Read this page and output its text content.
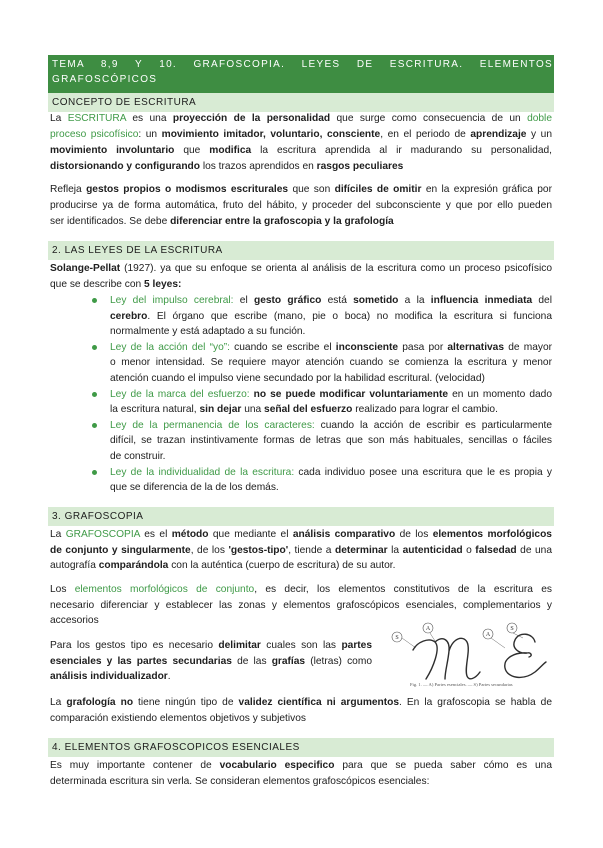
TEMA 8,9 Y 10. GRAFOSCOPIA. LEYES DE ESCRITURA. ELEMENTOS
GRAFOSCÓPICOS
CONCEPTO DE ESCRITURA
La ESCRITURA es una proyección de la personalidad que surge como consecuencia de un doble
proceso psicofísico: un movimiento imitador, voluntario, consciente, en el periodo de aprendizaje y un
movimiento involuntario que modifica la escritura aprendida al ir madurando su personalidad,
distorsionando y configurando los trazos aprendidos en rasgos peculiares
Refleja gestos propios o modismos escriturales que son difíciles de omitir en la expresión gráfica por
producirse ya de forma automática, fruto del hábito, y proceder del subconsciente y que por ello pueden
ser identificados. Se debe diferenciar entre la grafoscopia y la grafología
2. LAS LEYES DE LA ESCRITURA
Solange-Pellat (1927). ya que su enfoque se orienta al análisis de la escritura como un proceso psicofísico
que se describe con 5 leyes:
Ley del impulso cerebral: el gesto gráfico está sometido a la influencia inmediata del
cerebro. El órgano que escribe (mano, pie o boca) no modifica la escritura si funciona
normalmente y está adaptado a su función.
Ley de la acción del “yo”: cuando se escribe el inconsciente pasa por alternativas de mayor
o menor intensidad. Se requiere mayor atención cuando se comienza la escritura y menor
atención cuando el impulso viene secundado por la habilidad escritural. (velocidad)
Ley de la marca del esfuerzo: no se puede modificar voluntariamente en un momento dado
la escritura natural, sin dejar una señal del esfuerzo realizado para lograr el cambio.
Ley de la permanencia de los caracteres: cuando la acción de escribir es particularmente
difícil, se trazan instintivamente formas de letras que son más habituales, sencillas o fáciles
de construir.
Ley de la individualidad de la escritura: cada individuo posee una escritura que le es propia y
que se diferencia de la de los demás.
3. GRAFOSCOPIA
La GRAFOSCOPIA es el método que mediante el análisis comparativo de los elementos morfológicos
de conjunto y singularmente, de los 'gestos-tipo', tiende a determinar la autenticidad o falsedad de una
autografía comparándola con la auténtica (cuerpo de escritura) de su autor.
Los elementos morfológicos de conjunto, es decir, los elementos constitutivos de la escritura es
necesario diferenciar y establecer las zonas y elementos grafoscópicos esenciales, complementarios y
accesorios
Para los gestos tipo es necesario delimitar cuales son las partes
esenciales y las partes secundarias de las grafías (letras) como
análisis individualizador.
S
A
A
S
Fig. 1. — A) Partes esenciales. — S) Partes secundarias
La grafología no tiene ningún tipo de validez científica ni argumentos. En la grafoscopia se habla de
comparación existiendo elementos objetivos y subjetivos
4. ELEMENTOS GRAFOSCOPICOS ESENCIALES
Es muy importante contener de vocabulario especifico para que se pueda saber cómo es una
determinada escritura sin verla. Se consideran elementos grafoscópicos esenciales:
